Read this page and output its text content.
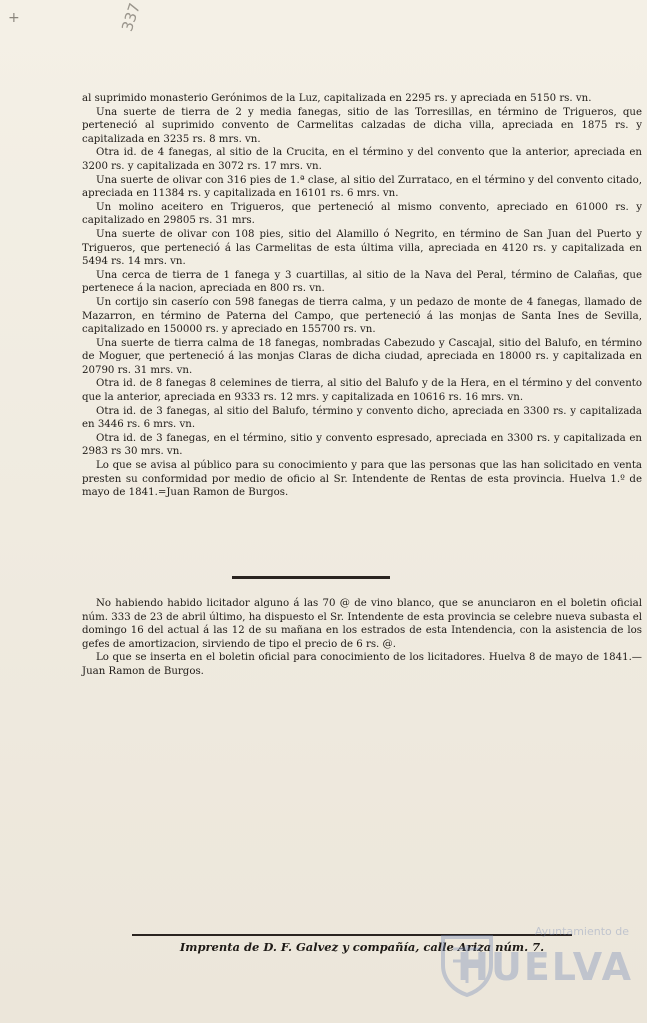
+	337

al suprimido monasterio Gerónimos de la Luz, capitalizada en 2295 rs. y apreciada en 5150 rs. vn.

Una suerte de tierra de 2 y media fanegas, sitio de las Torresillas, en término de Trigueros, que perteneció al suprimido convento de Carmelitas calzadas de dicha villa, apreciada en 1875 rs. y capitalizada en 3235 rs. 8 mrs. vn.

Otra id. de 4 fanegas, al sitio de la Crucita, en el término y del convento que la anterior, apreciada en 3200 rs. y capitalizada en 3072 rs. 17 mrs. vn.

Una suerte de olivar con 316 pies de 1.ª clase, al sitio del Zurrataco, en el término y del convento citado, apreciada en 11384 rs. y capitalizada en 16101 rs. 6 mrs. vn.

Un molino aceitero en Trigueros, que perteneció al mismo convento, apreciado en 61000 rs. y capitalizado en 29805 rs. 31 mrs.

Una suerte de olivar con 108 pies, sitio del Alamillo ó Negrito, en término de San Juan del Puerto y Trigueros, que perteneció á las Carmelitas de esta última villa, apreciada en 4120 rs. y capitalizada en 5494 rs. 14 mrs. vn.

Una cerca de tierra de 1 fanega y 3 cuartillas, al sitio de la Nava del Peral, término de Calañas, que pertenece á la nacion, apreciada en 800 rs. vn.

Un cortijo sin caserío con 598 fanegas de tierra calma, y un pedazo de monte de 4 fanegas, llamado de Mazarron, en término de Paterna del Campo, que perteneció á las monjas de Santa Ines de Sevilla, capitalizado en 150000 rs. y apreciado en 155700 rs. vn.

Una suerte de tierra calma de 18 fanegas, nombradas Cabezudo y Cascajal, sitio del Balufo, en término de Moguer, que perteneció á las monjas Claras de dicha ciudad, apreciada en 18000 rs. y capitalizada en 20790 rs. 31 mrs. vn.

Otra id. de 8 fanegas 8 celemines de tierra, al sitio del Balufo y de la Hera, en el término y del convento que la anterior, apreciada en 9333 rs. 12 mrs. y capitalizada en 10616 rs. 16 mrs. vn.

Otra id. de 3 fanegas, al sitio del Balufo, término y convento dicho, apreciada en 3300 rs. y capitalizada en 3446 rs. 6 mrs. vn.

Otra id. de 3 fanegas, en el término, sitio y convento espresado, apreciada en 3300 rs. y capitalizada en 2983 rs 30 mrs. vn.

Lo que se avisa al público para su conocimiento y para que las personas que las han solicitado en venta presten su conformidad por medio de oficio al Sr. Intendente de Rentas de esta provincia. Huelva 1.º de mayo de 1841.=Juan Ramon de Burgos.

No habiendo habido licitador alguno á las 70 @ de vino blanco, que se anunciaron en el boletin oficial núm. 333 de 23 de abril último, ha dispuesto el Sr. Intendente de esta provincia se celebre nueva subasta el domingo 16 del actual á las 12 de su mañana en los estrados de esta Intendencia, con la asistencia de los gefes de amortizacion, sirviendo de tipo el precio de 6 rs. @.

Lo que se inserta en el boletin oficial para conocimiento de los licitadores. Huelva 8 de mayo de 1841.—Juan Ramon de Burgos.

Imprenta de D. F. Galvez y compañía, calle Ariza núm. 7.
Ayuntamiento de
HUELVA
